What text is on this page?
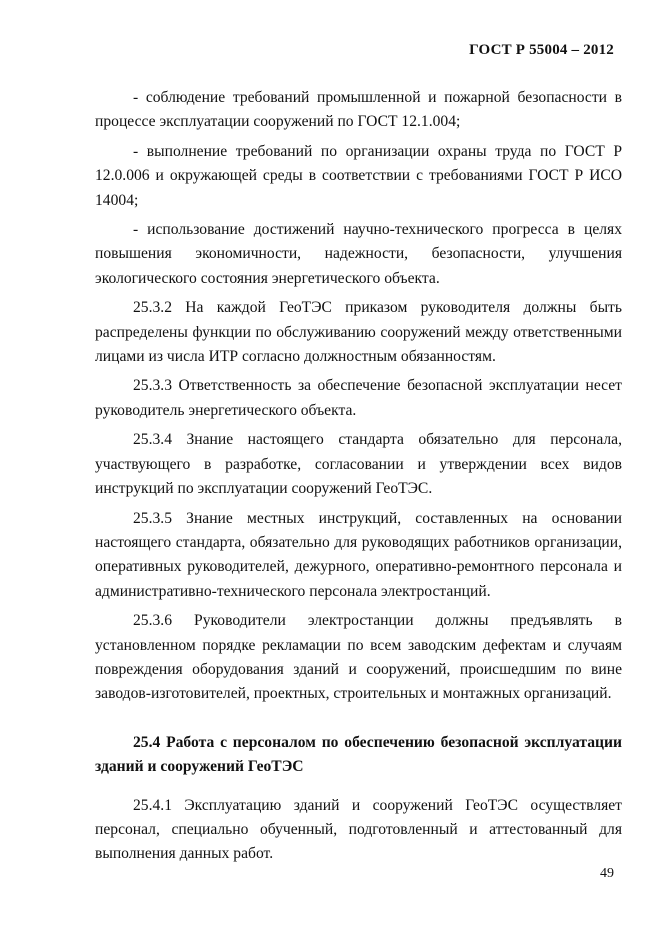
ГОСТ Р 55004 – 2012

- соблюдение требований промышленной и пожарной безопасности в процессе эксплуатации сооружений по ГОСТ 12.1.004;

- выполнение требований по организации охраны труда по ГОСТ Р 12.0.006 и окружающей среды в соответствии с требованиями ГОСТ Р ИСО 14004;

- использование достижений научно-технического прогресса в целях повышения экономичности, надежности, безопасности, улучшения экологического состояния энергетического объекта.

25.3.2 На каждой ГеоТЭС приказом руководителя должны быть распределены функции по обслуживанию сооружений между ответственными лицами из числа ИТР согласно должностным обязанностям.

25.3.3 Ответственность за обеспечение безопасной эксплуатации несет руководитель энергетического объекта.

25.3.4 Знание настоящего стандарта обязательно для персонала, участвующего в разработке, согласовании и утверждении всех видов инструкций по эксплуатации сооружений ГеоТЭС.

25.3.5 Знание местных инструкций, составленных на основании настоящего стандарта, обязательно для руководящих работников организации, оперативных руководителей, дежурного, оперативно-ремонтного персонала и административно-технического персонала электростанций.

25.3.6 Руководители электростанции должны предъявлять в установленном порядке рекламации по всем заводским дефектам и случаям повреждения оборудования зданий и сооружений, происшедшим по вине заводов-изготовителей, проектных, строительных и монтажных организаций.

25.4 Работа с персоналом по обеспечению безопасной эксплуатации зданий и сооружений ГеоТЭС

25.4.1 Эксплуатацию зданий и сооружений ГеоТЭС осуществляет персонал, специально обученный, подготовленный и аттестованный для выполнения данных работ.

49
